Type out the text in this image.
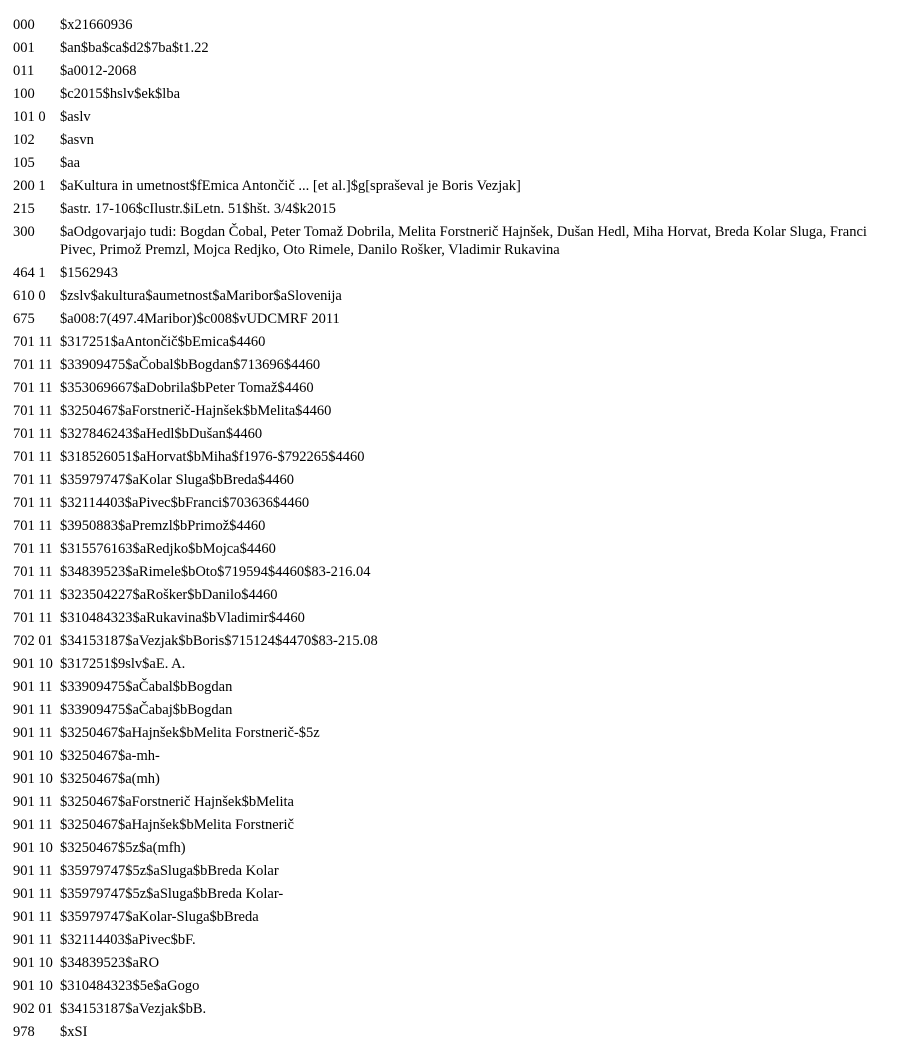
000	$x21660936
001	$an$ba$ca$d2$7ba$t1.22
011	$a0012-2068
100	$c2015$hslv$ek$lba
101 0 $aslv
102	$asvn
105	$aa
200 1 $aKultura in umetnost$fEmica Antončič ... [et al.]$g[spraševal je Boris Vezjak]
215	$astr. 17-106$cIlustr.$iLetn. 51$hšt. 3/4$k2015
300	$aOdgovarjajo tudi: Bogdan Čobal, Peter Tomaž Dobrila, Melita Forstnerič Hajnšek, Dušan Hedl, Miha Horvat, Breda Kolar Sluga, Franci Pivec, Primož Premzl, Mojca Redjko, Oto Rimele, Danilo Rošker, Vladimir Rukavina
464 1 $1562943
610 0 $zslv$akultura$aumetnost$aMaribor$aSlovenija
675	$a008:7(497.4Maribor)$c008$vUDCMRF 2011
701 11 $317251$aAntončič$bEmica$4460
701 11 $33909475$aČobal$bBogdan$713696$4460
701 11 $353069667$aDobrila$bPeter Tomaž$4460
701 11 $3250467$aForstnerič-Hajnšek$bMelita$4460
701 11 $327846243$aHedl$bDušan$4460
701 11 $318526051$aHorvat$bMiha$f1976-$792265$4460
701 11 $35979747$aKolar Sluga$bBreda$4460
701 11 $32114403$aPivec$bFranci$703636$4460
701 11 $3950883$aPremzl$bPrimož$4460
701 11 $315576163$aRedjko$bMojca$4460
701 11 $34839523$aRimele$bOto$719594$4460$83-216.04
701 11 $323504227$aRošker$bDanilo$4460
701 11 $310484323$aRukavina$bVladimir$4460
702 01 $34153187$aVezjak$bBoris$715124$4470$83-215.08
901 10 $317251$9slv$aE. A.
901 11 $33909475$aČabal$bBogdan
901 11 $33909475$aČabaj$bBogdan
901 11 $3250467$aHajnšek$bMelita Forstnerič-$5z
901 10 $3250467$a-mh-
901 10 $3250467$a(mh)
901 11 $3250467$aForstnerič Hajnšek$bMelita
901 11 $3250467$aHajnšek$bMelita Forstnerič
901 10 $3250467$5z$a(mfh)
901 11 $35979747$5z$aSluga$bBreda Kolar
901 11 $35979747$5z$aSluga$bBreda Kolar-
901 11 $35979747$aKolar-Sluga$bBreda
901 11 $32114403$aPivec$bF.
901 10 $34839523$aRO
901 10 $310484323$5e$aGogo
902 01 $34153187$aVezjak$bB.
978	$xSI
